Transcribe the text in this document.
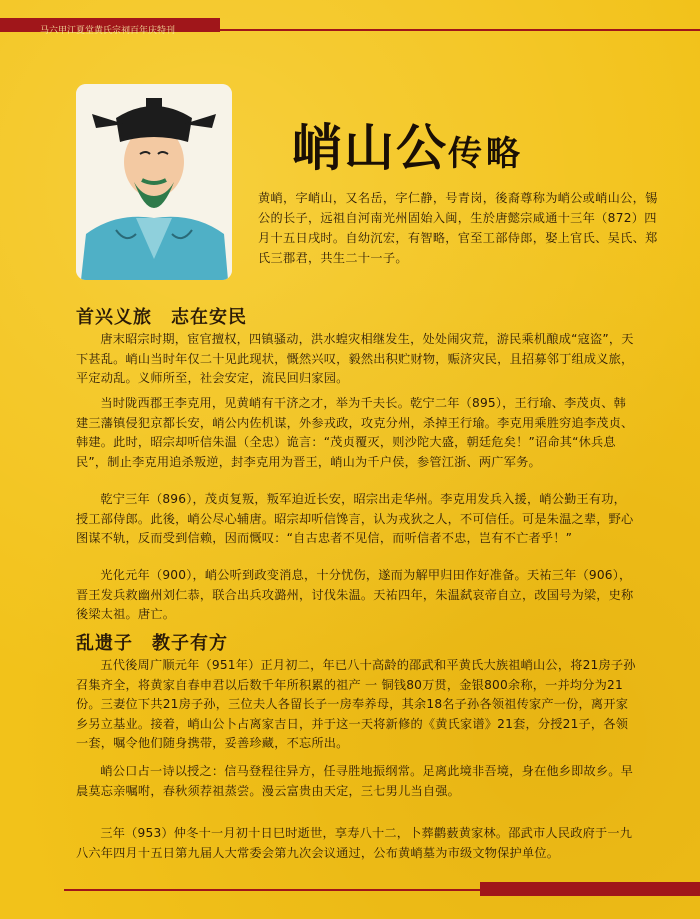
马六甲江夏堂黄氏宗祠百年庆特刊
峭山公传略
黄峭，字峭山，又名岳，字仁静，号青岗，後裔尊称为峭公或峭山公，锡公的长子，远祖自河南光州固始入闽，生於唐懿宗咸通十三年（872）四月十五日戌时。自幼沉宏，有智略，官至工部侍郎，娶上官氏、吴氏、郑氏三郡君，共生二十一子。
首兴义旅　志在安民
唐末昭宗时期，宦官擅权，四镇骚动，洪水蝗灾相继发生，处处闹灾荒，游民乘机酿成“寇盗”，天下甚乱。峭山当时年仅二十见此现状，慨然兴叹，毅然出积贮财物，赈济灾民，且招募邻丁组成义旅，平定动乱。义师所至，社会安定，流民回归家园。
当时陇西郡王李克用，见黄峭有干济之才，举为千夫长。乾宁二年（895），王行瑜、李茂贞、韩建三藩镇侵犯京都长安，峭公内佐机谋，外参戎政，攻克分州，杀掉王行瑜。李克用乘胜穷追李茂贞、韩建。此时，昭宗却听信朱温（全忠）诡言：“茂贞覆灭，则沙陀大盛，朝廷危矣！”诏命其“休兵息民”，制止李克用追杀叛逆，封李克用为晋王，峭山为千户侯，参管江浙、两广军务。
乾宁三年（896），茂贞复叛，叛军迫近长安，昭宗出走华州。李克用发兵入援，峭公勤王有功，授工部侍郎。此後，峭公尽心辅唐。昭宗却听信馋言，认为戎狄之人，不可信任。可是朱温之辈，野心图谋不轨，反而受到信赖，因而慨叹：“自古忠者不见信，而听信者不忠，岂有不亡者乎！”
光化元年（900），峭公听到政变消息，十分忧伤，遂而为解甲归田作好准备。天祐三年（906），晋王发兵救幽州刘仁恭，联合出兵攻潞州，讨伐朱温。天祐四年，朱温弑哀帝自立，改国号为梁，史称後梁太祖。唐亡。
乱遗子　教子有方
五代後周广顺元年（951年）正月初二，年已八十高龄的邵武和平黄氏大族祖峭山公，将21房子孙召集齐全，将黄家自春申君以后数千年所积累的祖产 一 铜钱80万贯，金银800余称，一并均分为21份。三妻位下共21房子孙，三位夫人各留长子一房奉养母，其余18名子孙各领祖传家产一份，离开家乡另立基业。接着，峭山公卜占离家吉日，并于这一天将新修的《黄氏家谱》21套，分授21子，各领一套，嘱令他们随身携带，妥善珍藏，不忘所出。
峭公口占一诗以授之：信马登程往异方，任寻胜地振纲常。足离此境非吾境，身在他乡即故乡。早晨莫忘亲嘱咐，春秋须荐祖蒸尝。漫云富贵由天定，三七男儿当自强。
三年（953）仲冬十一月初十日巳时逝世，享寿八十二，卜葬鹳薮黄家林。邵武市人民政府于一九八六年四月十五日第九届人大常委会第九次会议通过，公布黄峭墓为市级文物保护单位。
